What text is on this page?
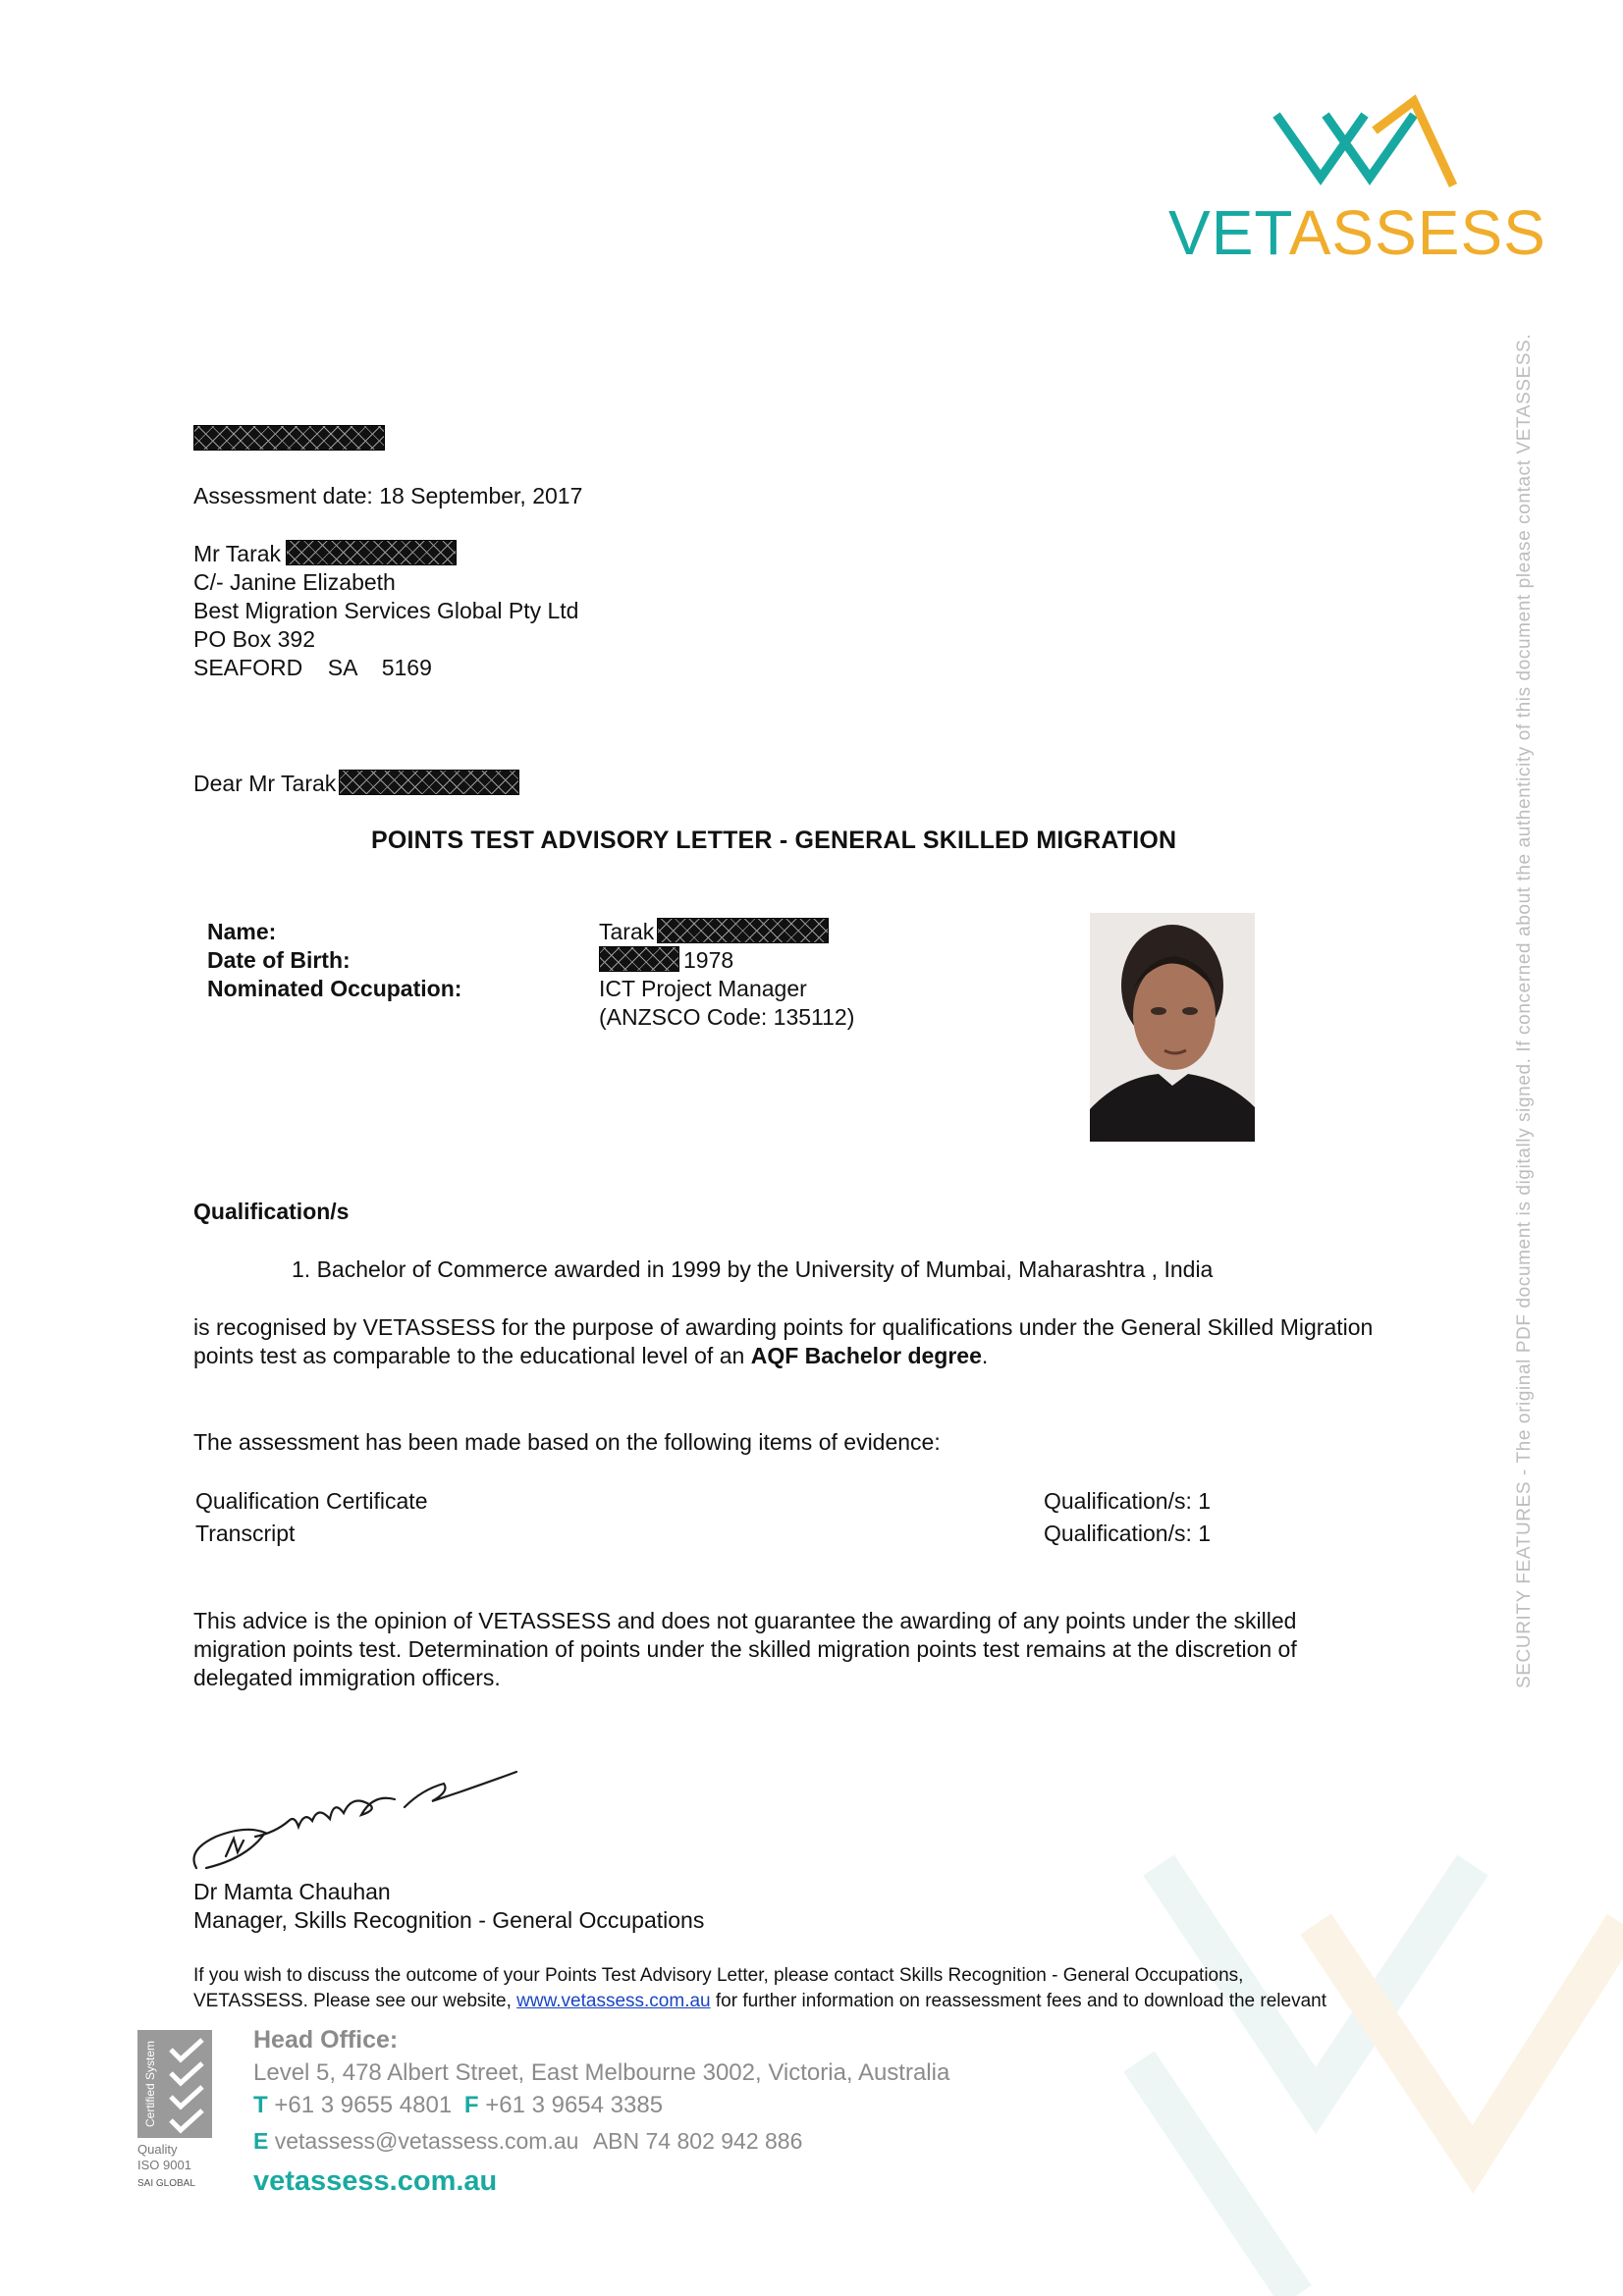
VETASSESS
SECURITY FEATURES - The original PDF document is digitally signed. If concerned about the authenticity of this document please contact VETASSESS.
Assessment date: 18 September, 2017
Mr Tarak
C/- Janine Elizabeth
Best Migration Services Global Pty Ltd
PO Box 392
SEAFORD    SA    5169
Dear Mr Tarak
POINTS TEST ADVISORY LETTER - GENERAL SKILLED MIGRATION
Name:	Tarak
Date of Birth:	1978
Nominated Occupation:	ICT Project Manager
(ANZSCO Code: 135112)
Qualification/s
1. Bachelor of Commerce awarded in 1999 by the University of Mumbai, Maharashtra , India
is recognised by VETASSESS for the purpose of awarding points for qualifications under the General Skilled Migration
points test as comparable to the educational level of an AQF Bachelor degree.
The assessment has been made based on the following items of evidence:
Qualification Certificate	Qualification/s: 1
Transcript	Qualification/s: 1
This advice is the opinion of VETASSESS and does not guarantee the awarding of any points under the skilled
migration points test. Determination of points under the skilled migration points test remains at the discretion of
delegated immigration officers.
Dr Mamta Chauhan
Manager, Skills Recognition - General Occupations
If you wish to discuss the outcome of your Points Test Advisory Letter, please contact Skills Recognition - General Occupations,
VETASSESS. Please see our website, www.vetassess.com.au for further information on reassessment fees and to download the relevant
Certified System
Quality
ISO 9001
SAI GLOBAL
Head Office:
Level 5, 478 Albert Street, East Melbourne 3002, Victoria, Australia
T +61 3 9655 4801 F +61 3 9654 3385
E vetassess@vetassess.com.au ABN 74 802 942 886
vetassess.com.au
